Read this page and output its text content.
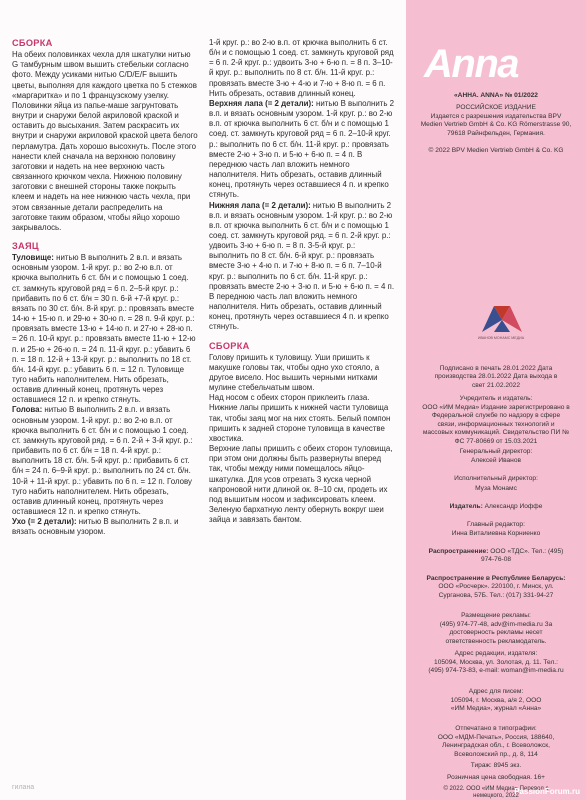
СБОРКА

На обеих половинках чехла для шкатулки нитью G тамбурным швом вышить стебельки согласно фото. Между усиками нитью C/D/E/F вышить цветы, выполняя для каждого цветка по 5 стежков «маргаритка» и по 1 французскому узелку.

Половинки яйца из папье-маше загрунтовать внутри и снаружи белой акриловой краской и оставить до высыхания. Затем раскрасить их внутри и снаружи акриловой краской цвета белого перламутра. Дать хорошо высохнуть. После этого нанести клей сначала на верхнюю половину заготовки и надеть на нее верхнюю часть связанного крючком чехла. Нижнюю половину заготовки с внешней стороны также покрыть клеем и надеть на нее нижнюю часть чехла, при этом связанные детали распределить на заготовке таким образом, чтобы яйцо хорошо закрывалось.

ЗАЯЦ

Туловище: нитью B выполнить 2 в.п. и вязать основным узором. 1-й круг. р.: во 2-ю в.п. от крючка выполнить 6 ст. б/н и с помощью 1 соед. ст. замкнуть круговой ряд = 6 п. 2–5-й круг. р.: прибавить по 6 ст. б/н = 30 п. 6-й +7-й круг. р.: вязать по 30 ст. б/н. 8-й круг. р.: провязать вместе 14-ю + 15-ю п. и 29-ю + 30-ю п. = 28 п. 9-й круг. р.: провязать вместе 13-ю + 14-ю п. и 27-ю + 28-ю п. = 26 п. 10-й круг. р.: провязать вместе 11-ю + 12-ю п. и 25-ю + 26-ю п. = 24 п. 11-й круг. р.: убавить 6 п. = 18 п. 12-й + 13-й круг. р.: выполнить по 18 ст. б/н. 14-й круг. р.: убавить 6 п. = 12 п. Туловище туго набить наполнителем. Нить обрезать, оставив длинный конец, протянуть через оставшиеся 12 п. и крепко стянуть.

Голова: нитью B выполнить 2 в.п. и вязать основным узором. 1-й круг. р.: во 2-ю в.п. от крючка выполнить 6 ст. б/н и с помощью 1 соед. ст. замкнуть круговой ряд. = 6 п. 2-й + 3-й круг. р.: прибавить по 6 ст. б/н = 18 п. 4-й круг. р.: выполнить 18 ст. б/н. 5-й круг. р.: прибавить 6 ст. б/н = 24 п. 6–9-й круг. р.: выполнить по 24 ст. б/н. 10-й + 11-й круг. р.: убавить по 6 п. = 12 п. Голову туго набить наполнителем. Нить обрезать, оставив длинный конец, протянуть через оставшиеся 12 п. и крепко стянуть.

Ухо (= 2 детали): нитью B выполнить 2 в.п. и вязать основным узором.

1-й круг. р.: во 2-ю в.п. от крючка выполнить 6 ст. б/н и с помощью 1 соед. ст. замкнуть круговой ряд = 6 п. 2-й круг. р.: удвоить 3-ю + 6-ю п. = 8 п. 3–10-й круг. р.: выполнить по 8 ст. б/н. 11-й круг. р.: провязать вместе 3-ю + 4-ю и 7-ю + 8-ю п. = 6 п. Нить обрезать, оставив длинный конец.

Верхняя лапа (= 2 детали): нитью B выполнить 2 в.п. и вязать основным узором. 1-й круг. р.: во 2-ю в.п. от крючка выполнить 6 ст. б/н и с помощью 1 соед. ст. замкнуть круговой ряд = 6 п. 2–10-й круг. р.: выполнить по 6 ст. б/н. 11-й круг. р.: провязать вместе 2-ю + 3-ю п. и 5-ю + 6-ю п. = 4 п. В переднюю часть лап вложить немного наполнителя. Нить обрезать, оставив длинный конец, протянуть через оставшиеся 4 п. и крепко стянуть.

Нижняя лапа (= 2 детали): нитью B выполнить 2 в.п. и вязать основным узором. 1-й круг. р.: во 2-ю в.п. от крючка выполнить 6 ст. б/н и с помощью 1 соед. ст. замкнуть круговой ряд. = 6 п. 2-й круг. р.: удвоить 3-ю + 6-ю п. = 8 п. 3-5-й круг. р.: выполнить по 8 ст. б/н. 6-й круг. р.: провязать вместе 3-ю + 4-ю п. и 7-ю + 8-ю п. = 6 п. 7–10-й круг. р.: выполнить по 6 ст. б/н. 11-й круг. р.: провязать вместе 2-ю + 3-ю п. и 5-ю + 6-ю п. = 4 п. В переднюю часть лап вложить немного наполнителя. Нить обрезать, оставив длинный конец, протянуть через оставшиеся 4 п. и крепко стянуть.

СБОРКА

Голову пришить к туловищу. Уши пришить к макушке головы так, чтобы одно ухо стояло, а другое висело. Нос вышить черными нитками мулине стебельчатым швом.

Над носом с обеих сторон приклеить глаза. Нижние лапы пришить к нижней части туловища так, чтобы заяц мог на них стоять. Белый помпон пришить к задней стороне туловища в качестве хвостика.

Верхние лапы пришить с обеих сторон туловища, при этом они должны быть развернуты вперед так, чтобы между ними помещалось яйцо-шкатулка. Для усов отрезать 3 куска черной капроновой нити длиной ок. 8–10 см, продеть их под вышитым носом и зафиксировать клеем.

Зеленую бархатную ленту обернуть вокруг шеи зайца и завязать бантом.

Anna
«АННА. ANNA» № 01/2022
РОССИЙСКОЕ ИЗДАНИЕ
Издается с разрешения издательства BPV Medien Vertrieb GmbH & Co. KG Römerstrasse 90, 79618 Райнфельден, Германия.
© 2022 BPV Medien Vertrieb GmbH & Co. KG
ИВАНОВ МОНАМС МЕДИА
Подписано в печать 28.01.2022 Дата производства 28.01.2022 Дата выхода в свет 21.02.2022
Учредитель и издатель:
ООО «ИМ Медиа» Издание зарегистрировано в Федеральной службе по надзору в сфере связи, информационных технологий и массовых коммуникаций. Свидетельство ПИ № ФС 77-80669 от 15.03.2021
Генеральный директор:
Алексей Иванов
Исполнительный директор:
Муза Монамс
Издатель: Александр Иоффе
Главный редактор:
Инна Виталиевна Корниенко
Распространение: ООО «ТДС». Тел.: (495) 974-76-08
Распространение в Республике Беларусь: ООО «Росчерк». 220100, г. Минск, ул. Сурганова, 57Б. Тел.: (017) 331-94-27
Размещение рекламы:
(495) 974-77-48, adv@im-media.ru За достоверность рекламы несет ответственность рекламодатель.
Адрес редакции, издателя:
105094, Москва, ул. Золотая, д. 11. Тел.: (495) 974-73-83, e-mail: woman@im-media.ru
Адрес для писем:
105094, г. Москва, а/я 2, ООО «ИМ Медиа», журнал «Анна»
Отпечатано в типографии:
ООО «МДМ-Печать», Россия, 188640, Ленинградская обл., г. Всеволожск, Всеволожский пр., д. 8, 114
Тираж: 8945 экз.
Розничная цена свободная. 16+
© 2022. ООО «ИМ Медиа» Перевод с немецкого, 2022
гилана	PassionForum.ru
